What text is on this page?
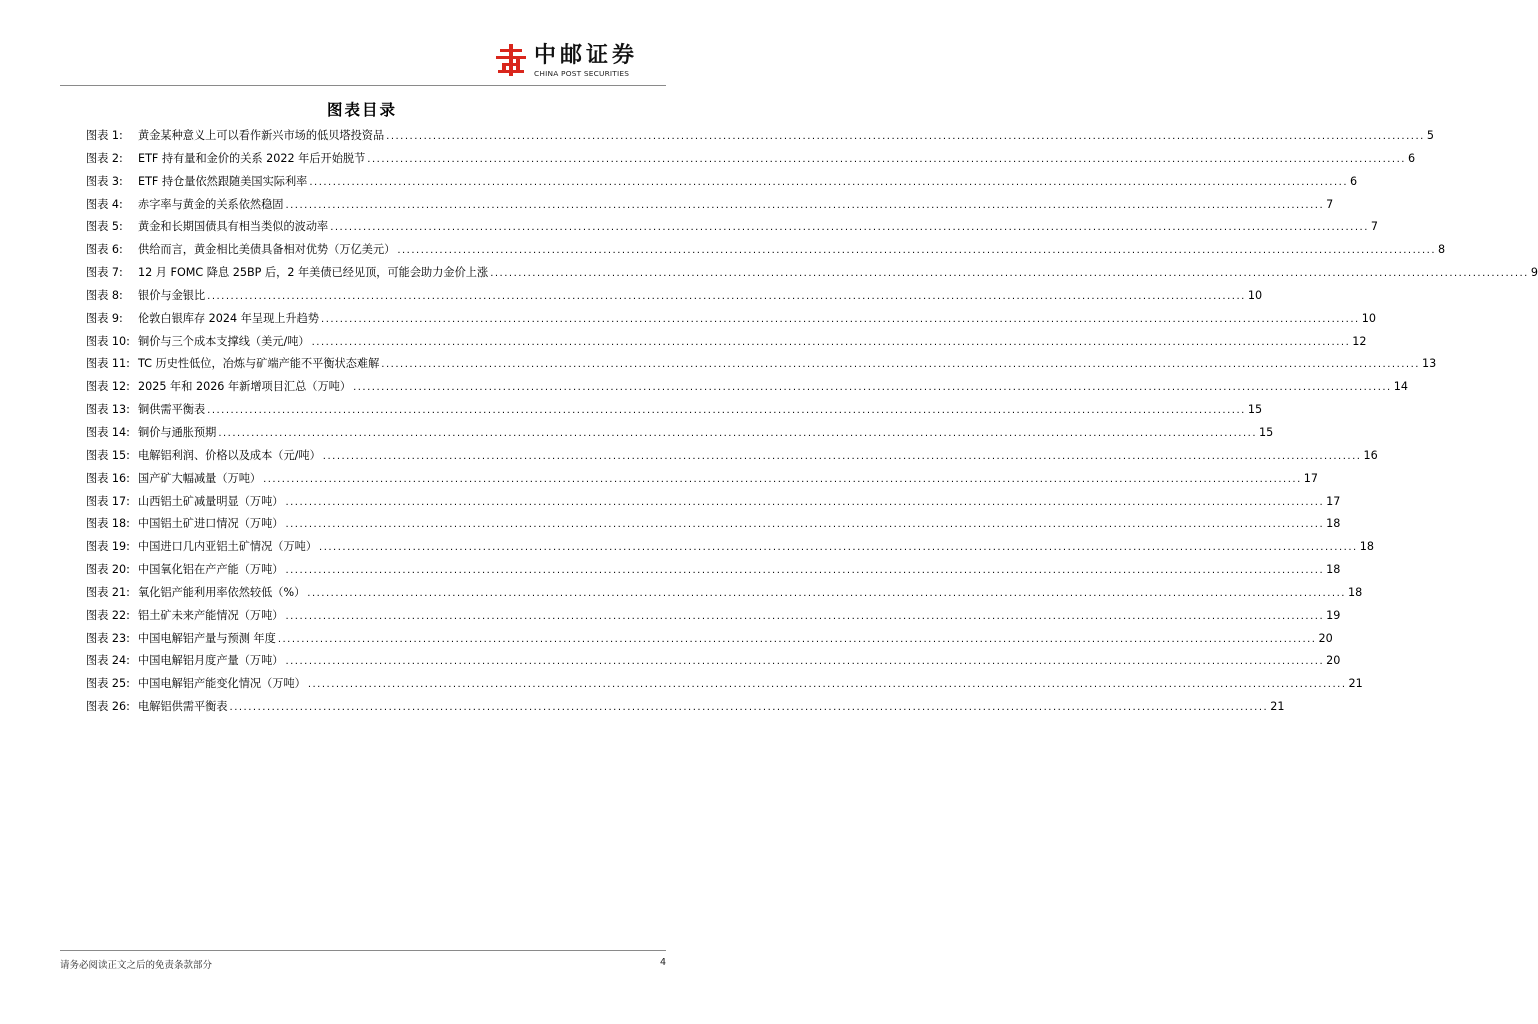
中邮证券
CHINA POST SECURITIES
图表目录
图表 1:	黄金某种意义上可以看作新兴市场的低贝塔投资品 .....	5
图表 2:	ETF 持有量和金价的关系 2022 年后开始脱节 .....	6
图表 3:	ETF 持仓量依然跟随美国实际利率 .....	6
图表 4:	赤字率与黄金的关系依然稳固 .....	7
图表 5:	黄金和长期国债具有相当类似的波动率 .....	7
图表 6:	供给而言，黄金相比美债具备相对优势（万亿美元） .....	8
图表 7:	12 月 FOMC 降息 25BP 后，2 年美债已经见顶，可能会助力金价上涨 .....	9
图表 8:	银价与金银比 .....	10
图表 9:	伦敦白银库存 2024 年呈现上升趋势 .....	10
图表 10: 铜价与三个成本支撑线（美元/吨） .....	12
图表 11: TC 历史性低位，冶炼与矿端产能不平衡状态难解 .....	13
图表 12: 2025 年和 2026 年新增项目汇总（万吨） .....	14
图表 13: 铜供需平衡表 .....	15
图表 14: 铜价与通胀预期 .....	15
图表 15: 电解铝利润、价格以及成本（元/吨） .....	16
图表 16: 国产矿大幅减量（万吨） .....	17
图表 17: 山西铝土矿减量明显（万吨） .....	17
图表 18: 中国铝土矿进口情况（万吨） .....	18
图表 19: 中国进口几内亚铝土矿情况（万吨） .....	18
图表 20: 中国氧化铝在产产能（万吨） .....	18
图表 21: 氧化铝产能利用率依然较低（%） .....	18
图表 22: 铝土矿未来产能情况（万吨） .....	19
图表 23: 中国电解铝产量与预测 年度 .....	20
图表 24: 中国电解铝月度产量（万吨） .....	20
图表 25: 中国电解铝产能变化情况（万吨） .....	21
图表 26: 电解铝供需平衡表 .....	21
请务必阅读正文之后的免责条款部分	4
